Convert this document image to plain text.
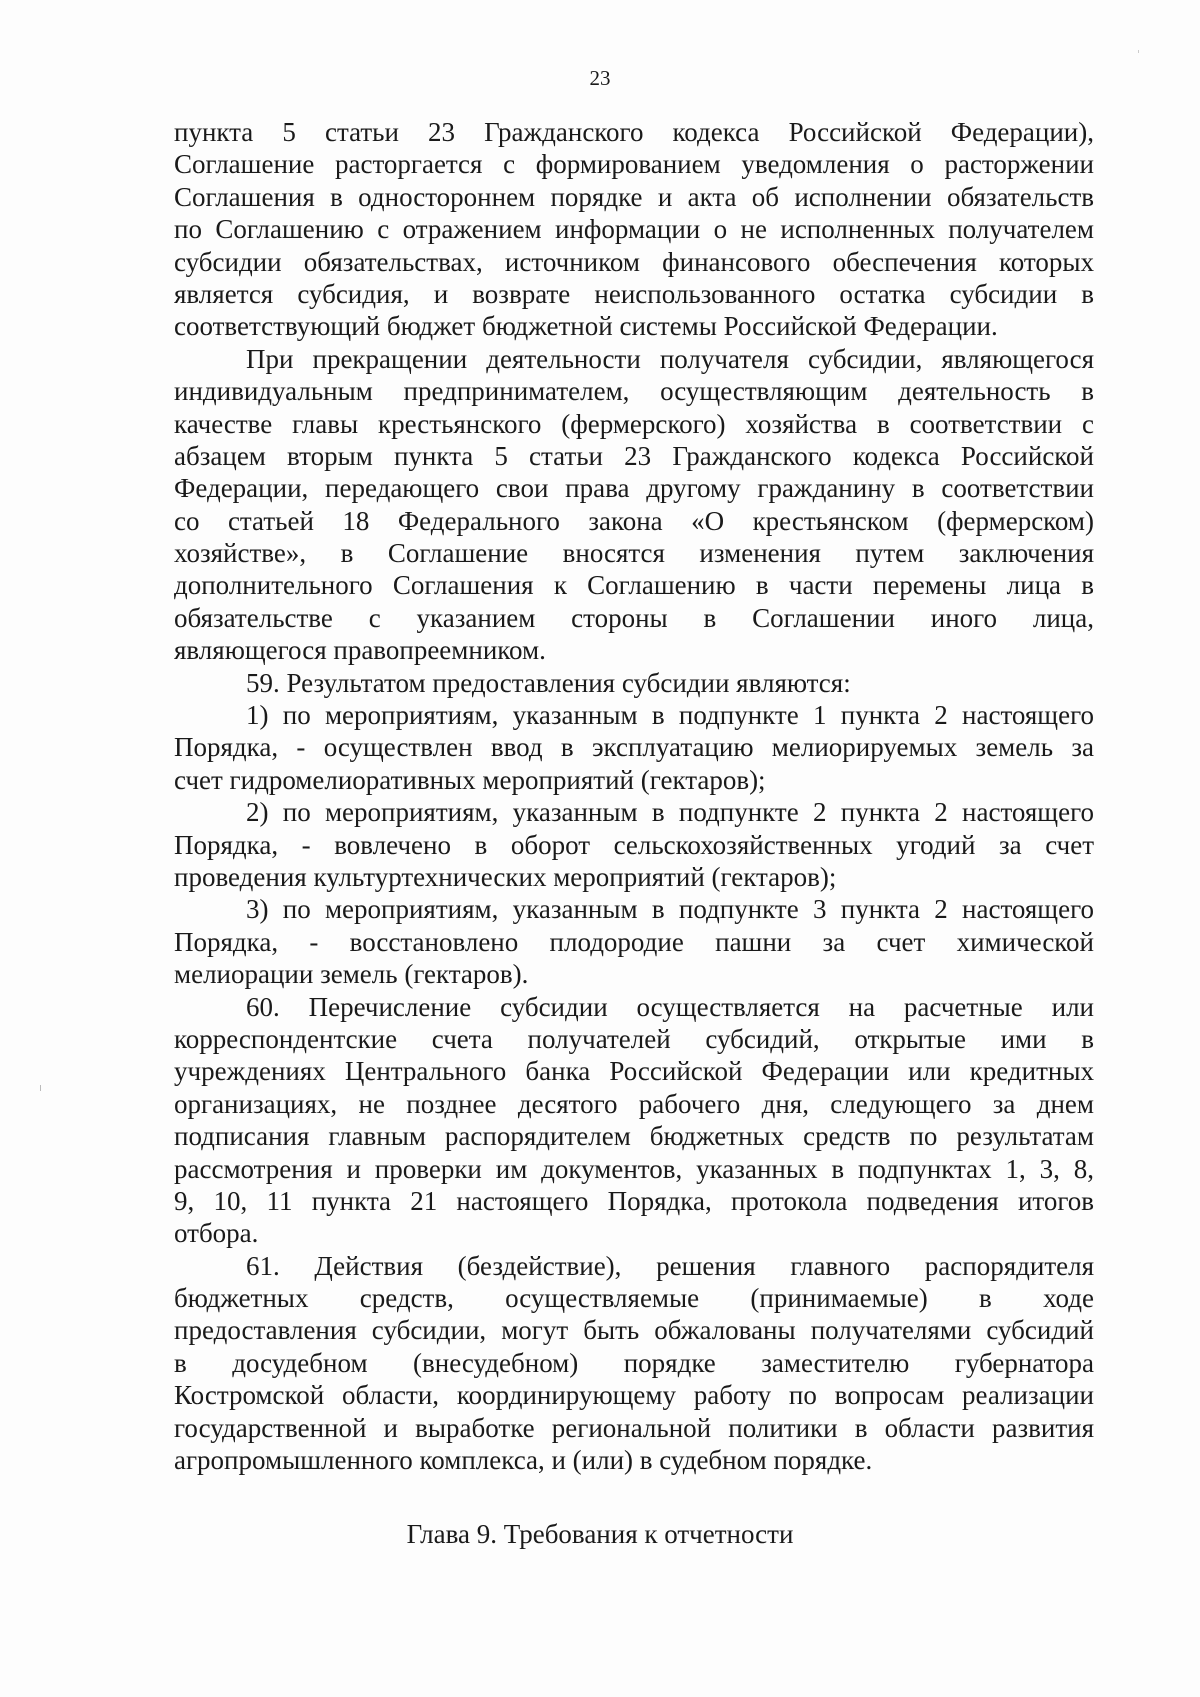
23
пункта 5 статьи 23 Гражданского кодекса Российской Федерации),
Соглашение расторгается с формированием уведомления о расторжении
Соглашения в одностороннем порядке и акта об исполнении обязательств
по Соглашению с отражением информации о не исполненных получателем
субсидии обязательствах, источником финансового обеспечения которых
является субсидия, и возврате неиспользованного остатка субсидии в
соответствующий бюджет бюджетной системы Российской Федерации.
При прекращении деятельности получателя субсидии, являющегося
индивидуальным предпринимателем, осуществляющим деятельность в
качестве главы крестьянского (фермерского) хозяйства в соответствии с
абзацем вторым пункта 5 статьи 23 Гражданского кодекса Российской
Федерации, передающего свои права другому гражданину в соответствии
со статьей 18 Федерального закона «О крестьянском (фермерском)
хозяйстве», в Соглашение вносятся изменения путем заключения
дополнительного Соглашения к Соглашению в части перемены лица в
обязательстве с указанием стороны в Соглашении иного лица,
являющегося правопреемником.
59. Результатом предоставления субсидии являются:
1) по мероприятиям, указанным в подпункте 1 пункта 2 настоящего
Порядка, - осуществлен ввод в эксплуатацию мелиорируемых земель за
счет гидромелиоративных мероприятий (гектаров);
2) по мероприятиям, указанным в подпункте 2 пункта 2 настоящего
Порядка, - вовлечено в оборот сельскохозяйственных угодий за счет
проведения культуртехнических мероприятий (гектаров);
3) по мероприятиям, указанным в подпункте 3 пункта 2 настоящего
Порядка, - восстановлено плодородие пашни за счет химической
мелиорации земель (гектаров).
60. Перечисление субсидии осуществляется на расчетные или
корреспондентские счета получателей субсидий, открытые ими в
учреждениях Центрального банка Российской Федерации или кредитных
организациях, не позднее десятого рабочего дня, следующего за днем
подписания главным распорядителем бюджетных средств по результатам
рассмотрения и проверки им документов, указанных в подпунктах 1, 3, 8,
9, 10, 11 пункта 21 настоящего Порядка, протокола подведения итогов
отбора.
61. Действия (бездействие), решения главного распорядителя
бюджетных средств, осуществляемые (принимаемые) в ходе
предоставления субсидии, могут быть обжалованы получателями субсидий
в досудебном (внесудебном) порядке заместителю губернатора
Костромской области, координирующему работу по вопросам реализации
государственной и выработке региональной политики в области развития
агропромышленного комплекса, и (или) в судебном порядке.
Глава 9. Требования к отчетности
